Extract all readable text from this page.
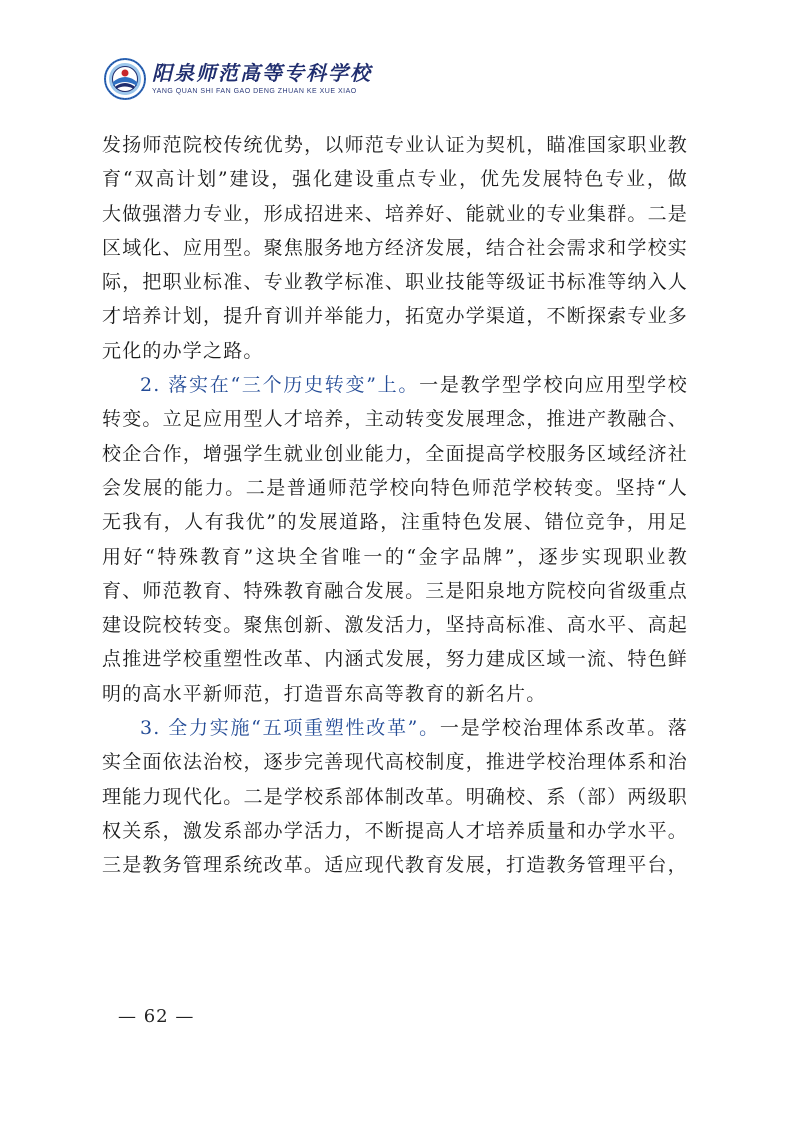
阳泉师范高等专科学校
YANG QUAN SHI FAN GAO DENG ZHUAN KE XUE XIAO

发扬师范院校传统优势，以师范专业认证为契机，瞄准国家职业教育“双高计划”建设，强化建设重点专业，优先发展特色专业，做大做强潜力专业，形成招进来、培养好、能就业的专业集群。二是区域化、应用型。聚焦服务地方经济发展，结合社会需求和学校实际，把职业标准、专业教学标准、职业技能等级证书标准等纳入人才培养计划，提升育训并举能力，拓宽办学渠道，不断探索专业多元化的办学之路。

2. 落实在“三个历史转变”上。一是教学型学校向应用型学校转变。立足应用型人才培养，主动转变发展理念，推进产教融合、校企合作，增强学生就业创业能力，全面提高学校服务区域经济社会发展的能力。二是普通师范学校向特色师范学校转变。坚持“人无我有，人有我优”的发展道路，注重特色发展、错位竞争，用足用好“特殊教育”这块全省唯一的“金字品牌”，逐步实现职业教育、师范教育、特殊教育融合发展。三是阳泉地方院校向省级重点建设院校转变。聚焦创新、激发活力，坚持高标准、高水平、高起点推进学校重塑性改革、内涵式发展，努力建成区域一流、特色鲜明的高水平新师范，打造晋东高等教育的新名片。

3. 全力实施“五项重塑性改革”。一是学校治理体系改革。落实全面依法治校，逐步完善现代高校制度，推进学校治理体系和治理能力现代化。二是学校系部体制改革。明确校、系（部）两级职权关系，激发系部办学活力，不断提高人才培养质量和办学水平。三是教务管理系统改革。适应现代教育发展，打造教务管理平台，

— 62 —
